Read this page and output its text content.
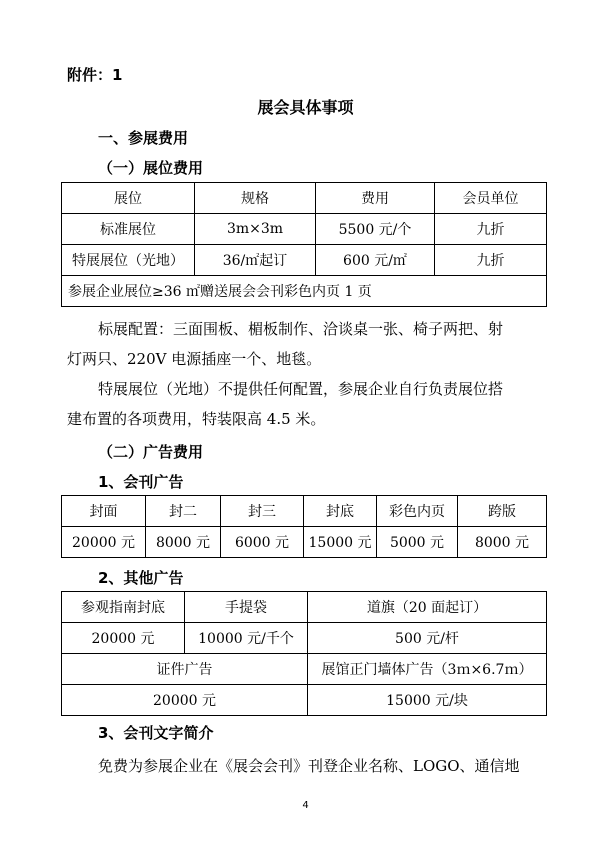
附件：1
展会具体事项
一、参展费用
（一）展位费用
展位	规格	费用	会员单位
标准展位	3m×3m	5500 元/个	九折
特展展位（光地）	36/㎡起订	600 元/㎡	九折
参展企业展位≥36 ㎡赠送展会会刊彩色内页 1 页			
标展配置：三面围板、楣板制作、洽谈桌一张、椅子两把、射
灯两只、220V 电源插座一个、地毯。
特展展位（光地）不提供任何配置，参展企业自行负责展位搭
建布置的各项费用，特装限高 4.5 米。
（二）广告费用
1、会刊广告
封面	封二	封三	封底	彩色内页	跨版
20000 元	8000 元	6000 元	15000 元	5000 元	8000 元
2、其他广告
参观指南封底	手提袋	道旗（20 面起订）
20000 元	10000 元/千个	500 元/杆
证件广告		展馆正门墙体广告（3ｍ×6.7ｍ）
20000 元		15000 元/块
3、会刊文字简介
免费为参展企业在《展会会刊》刊登企业名称、LOGO、通信地
4
